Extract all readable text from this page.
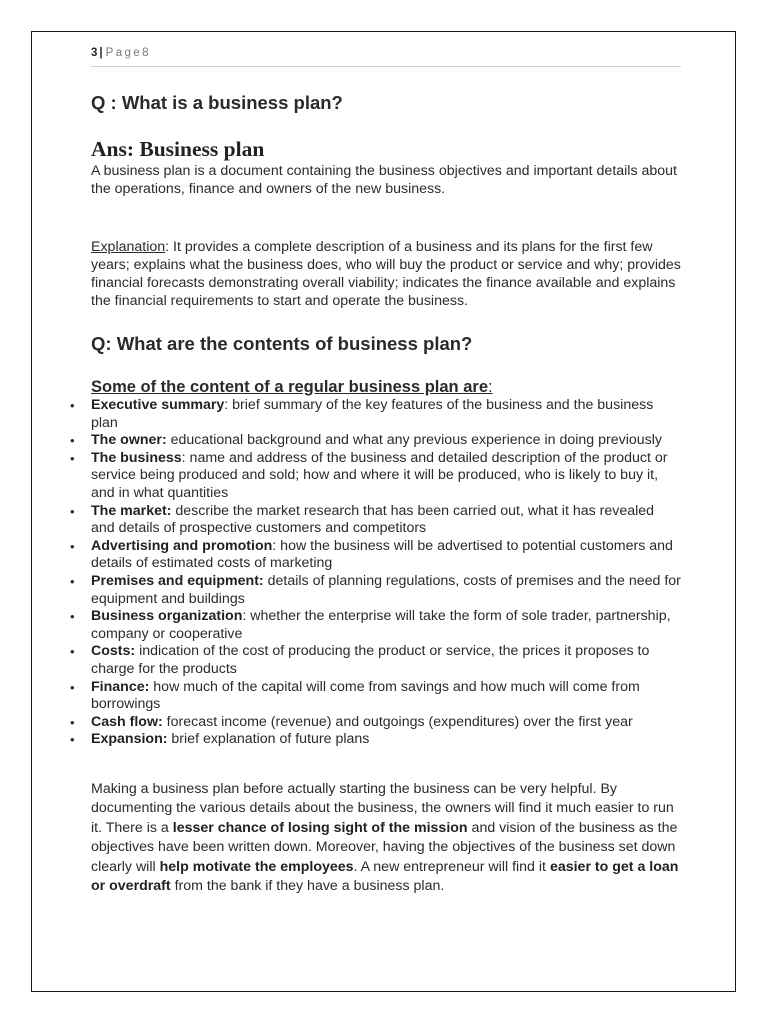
3 | Page8
Q : What is a business plan?
Ans: Business plan

A business plan is a document containing the business objectives and important details about the operations, finance and owners of the new business.

Explanation: It provides a complete description of a business and its plans for the first few years; explains what the business does, who will buy the product or service and why; provides financial forecasts demonstrating overall viability; indicates the finance available and explains the financial requirements to start and operate the business.

Q: What are the contents of business plan?

Some of the content of a regular business plan are:

•	Executive summary: brief summary of the key features of the business and the business plan
•	The owner: educational background and what any previous experience in doing previously
•	The business: name and address of the business and detailed description of the product or service being produced and sold; how and where it will be produced, who is likely to buy it, and in what quantities
•	The market: describe the market research that has been carried out, what it has revealed and details of prospective customers and competitors
•	Advertising and promotion: how the business will be advertised to potential customers and details of estimated costs of marketing
•	Premises and equipment: details of planning regulations, costs of premises and the need for equipment and buildings
•	Business organization: whether the enterprise will take the form of sole trader, partnership, company or cooperative
•	Costs: indication of the cost of producing the product or service, the prices it proposes to charge for the products
•	Finance: how much of the capital will come from savings and how much will come from borrowings
•	Cash flow: forecast income (revenue) and outgoings (expenditures) over the first year
•	Expansion: brief explanation of future plans

Making a business plan before actually starting the business can be very helpful. By documenting the various details about the business, the owners will find it much easier to run it. There is a lesser chance of losing sight of the mission and vision of the business as the objectives have been written down. Moreover, having the objectives of the business set down clearly will help motivate the employees. A new entrepreneur will find it easier to get a loan or overdraft from the bank if they have a business plan.
